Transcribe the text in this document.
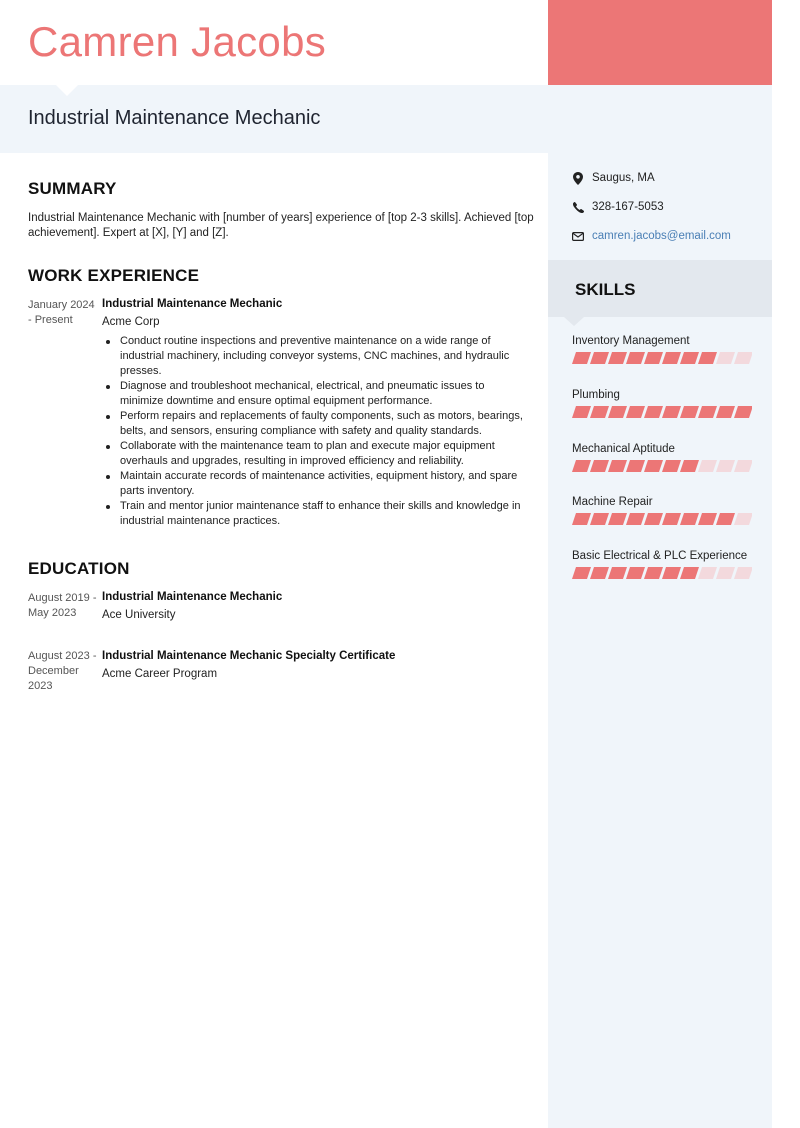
Camren Jacobs
Industrial Maintenance Mechanic
SUMMARY
Industrial Maintenance Mechanic with [number of years] experience of [top 2-3 skills]. Achieved [top achievement]. Expert at [X], [Y] and [Z].
WORK EXPERIENCE
January 2024 - Present
Industrial Maintenance Mechanic
Acme Corp
Conduct routine inspections and preventive maintenance on a wide range of industrial machinery, including conveyor systems, CNC machines, and hydraulic presses.
Diagnose and troubleshoot mechanical, electrical, and pneumatic issues to minimize downtime and ensure optimal equipment performance.
Perform repairs and replacements of faulty components, such as motors, bearings, belts, and sensors, ensuring compliance with safety and quality standards.
Collaborate with the maintenance team to plan and execute major equipment overhauls and upgrades, resulting in improved efficiency and reliability.
Maintain accurate records of maintenance activities, equipment history, and spare parts inventory.
Train and mentor junior maintenance staff to enhance their skills and knowledge in industrial maintenance practices.
EDUCATION
August 2019 - May 2023
Industrial Maintenance Mechanic
Ace University
August 2023 - December 2023
Industrial Maintenance Mechanic Specialty Certificate
Acme Career Program
Saugus, MA
328-167-5053
camren.jacobs@email.com
SKILLS
Inventory Management
Plumbing
Mechanical Aptitude
Machine Repair
Basic Electrical & PLC Experience
